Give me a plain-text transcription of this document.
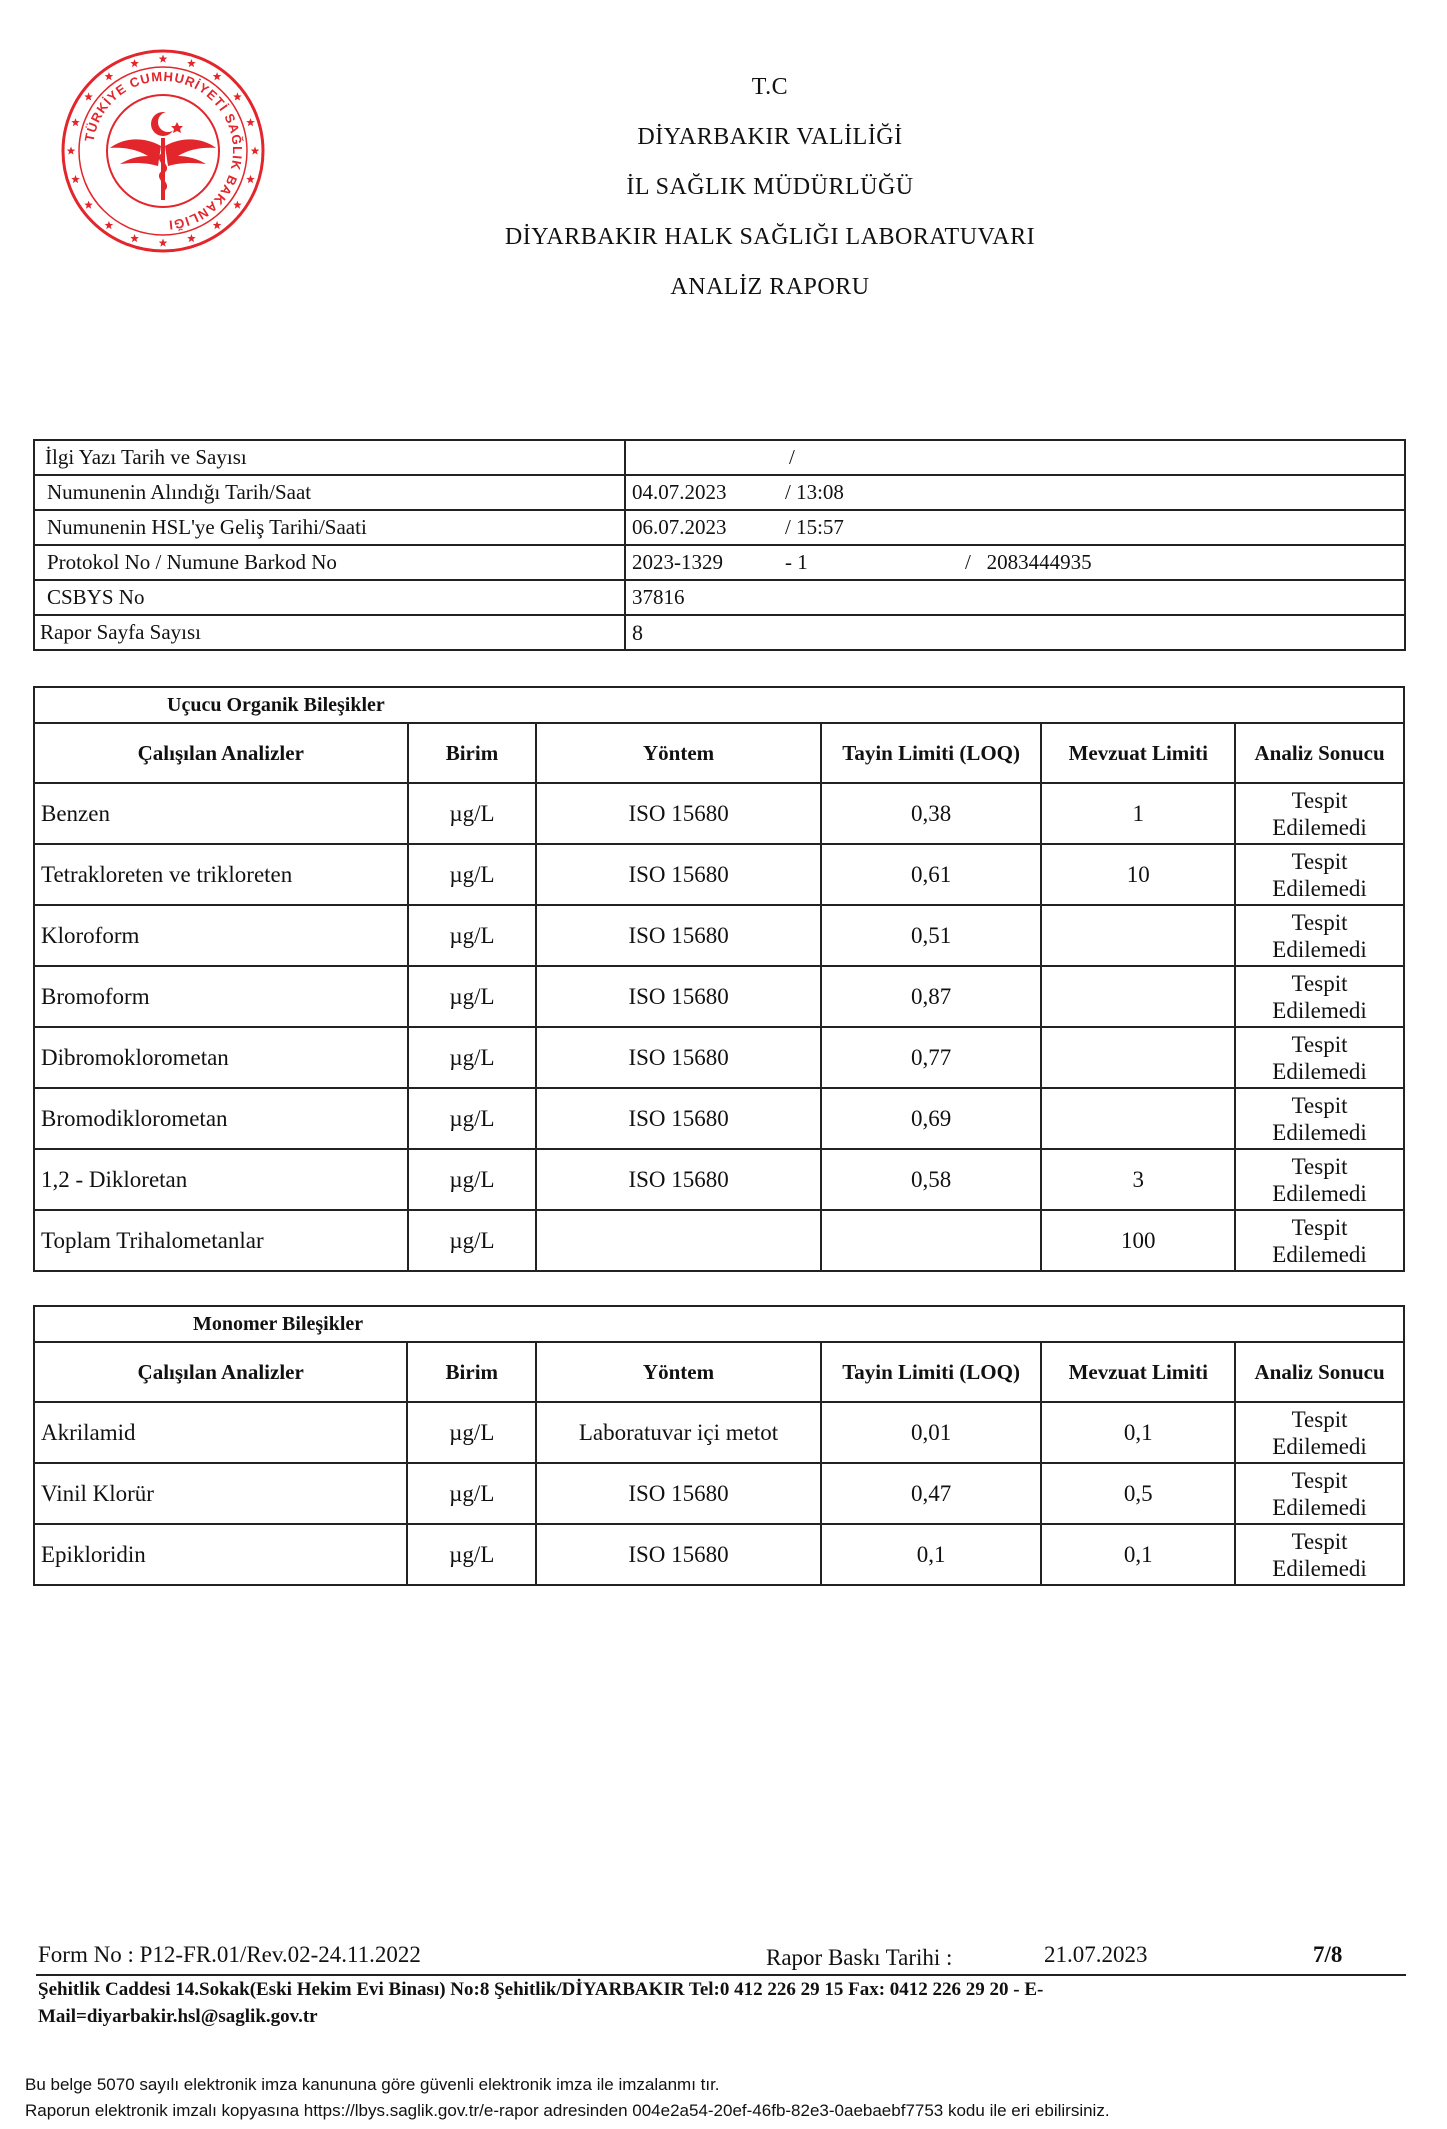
TÜRKİYE CUMHURİYETİ SAĞLIK BAKANLIĞI
T.C
DİYARBAKIR VALİLİĞİ
İL SAĞLIK MÜDÜRLÜĞÜ
DİYARBAKIR HALK SAĞLIĞI LABORATUVARI
ANALİZ RAPORU
İlgi Yazı Tarih ve Sayısı	/
Numunenin Alındığı Tarih/Saat	04.07.2023 / 13:08
Numunenin HSL'ye Geliş Tarihi/Saati	06.07.2023 / 15:57
Protokol No / Numune Barkod No	2023-1329 - 1 /   2083444935
CSBYS No	37816
Rapor Sayfa Sayısı	8
Uçucu Organik Bileşikler					
Çalışılan Analizler	Birim	Yöntem	Tayin Limiti (LOQ)	Mevzuat Limiti	Analiz Sonucu
Benzen	µg/L	ISO 15680	0,38	1	Tespit
Edilemedi

Tetrakloreten ve trikloreten	µg/L	ISO 15680	0,61	10	Tespit
Edilemedi

Kloroform	µg/L	ISO 15680	0,51		Tespit
Edilemedi

Bromoform	µg/L	ISO 15680	0,87		Tespit
Edilemedi

Dibromoklorometan	µg/L	ISO 15680	0,77		Tespit
Edilemedi

Bromodiklorometan	µg/L	ISO 15680	0,69		Tespit
Edilemedi

1,2 - Dikloretan	µg/L	ISO 15680	0,58	3	Tespit
Edilemedi

Toplam Trihalometanlar	µg/L			100	Tespit
Edilemedi
Monomer Bileşikler					
Çalışılan Analizler	Birim	Yöntem	Tayin Limiti (LOQ)	Mevzuat Limiti	Analiz Sonucu
Akrilamid	µg/L	Laboratuvar içi metot	0,01	0,1	Tespit
Edilemedi

Vinil Klorür	µg/L	ISO 15680	0,47	0,5	Tespit
Edilemedi

Epikloridin	µg/L	ISO 15680	0,1	0,1	Tespit
Edilemedi
Form No : P12-FR.01/Rev.02-24.11.2022	Rapor Baskı Tarihi :	21.07.2023	7/8
Şehitlik Caddesi 14.Sokak(Eski Hekim Evi Binası) No:8 Şehitlik/DİYARBAKIR Tel:0 412 226 29 15 Fax: 0412 226 29 20 - E-
Mail=diyarbakir.hsl@saglik.gov.tr
Bu belge 5070 sayılı elektronik imza kanununa göre güvenli elektronik imza ile imzalanmı tır.
Raporun elektronik imzalı kopyasına https://lbys.saglik.gov.tr/e-rapor adresinden 004e2a54-20ef-46fb-82e3-0aebaebf7753 kodu ile eri ebilirsiniz.
